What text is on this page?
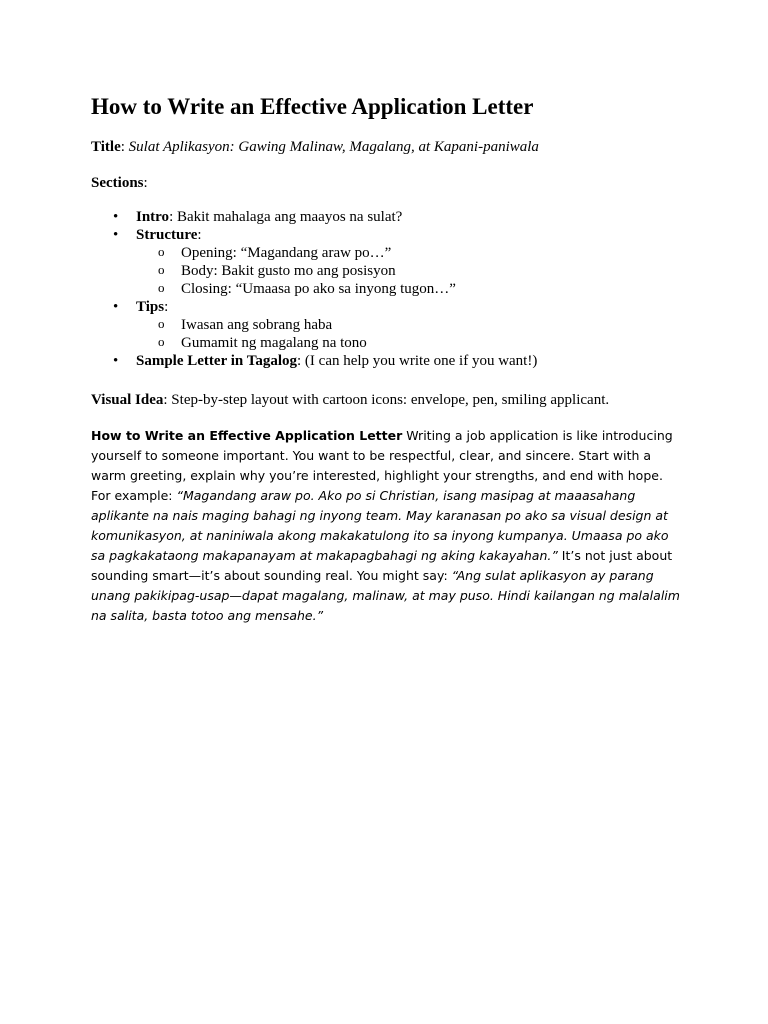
How to Write an Effective Application Letter

Title: Sulat Aplikasyon: Gawing Malinaw, Magalang, at Kapani-paniwala

Sections:

• Intro: Bakit mahalaga ang maayos na sulat?
• Structure:
o Opening: “Magandang araw po…”
o Body: Bakit gusto mo ang posisyon
o Closing: “Umaasa po ako sa inyong tugon…”
• Tips:
o Iwasan ang sobrang haba
o Gumamit ng magalang na tono
• Sample Letter in Tagalog: (I can help you write one if you want!)

Visual Idea: Step-by-step layout with cartoon icons: envelope, pen, smiling applicant.

How to Write an Effective Application Letter Writing a job application is like introducing yourself to someone important. You want to be respectful, clear, and sincere. Start with a warm greeting, explain why you’re interested, highlight your strengths, and end with hope. For example: “Magandang araw po. Ako po si Christian, isang masipag at maaasahang aplikante na nais maging bahagi ng inyong team. May karanasan po ako sa visual design at komunikasyon, at naniniwala akong makakatulong ito sa inyong kumpanya. Umaasa po ako sa pagkakataong makapanayam at makapagbahagi ng aking kakayahan.” It’s not just about sounding smart—it’s about sounding real. You might say: “Ang sulat aplikasyon ay parang unang pakikipag-usap—dapat magalang, malinaw, at may puso. Hindi kailangan ng malalalim na salita, basta totoo ang mensahe.”
